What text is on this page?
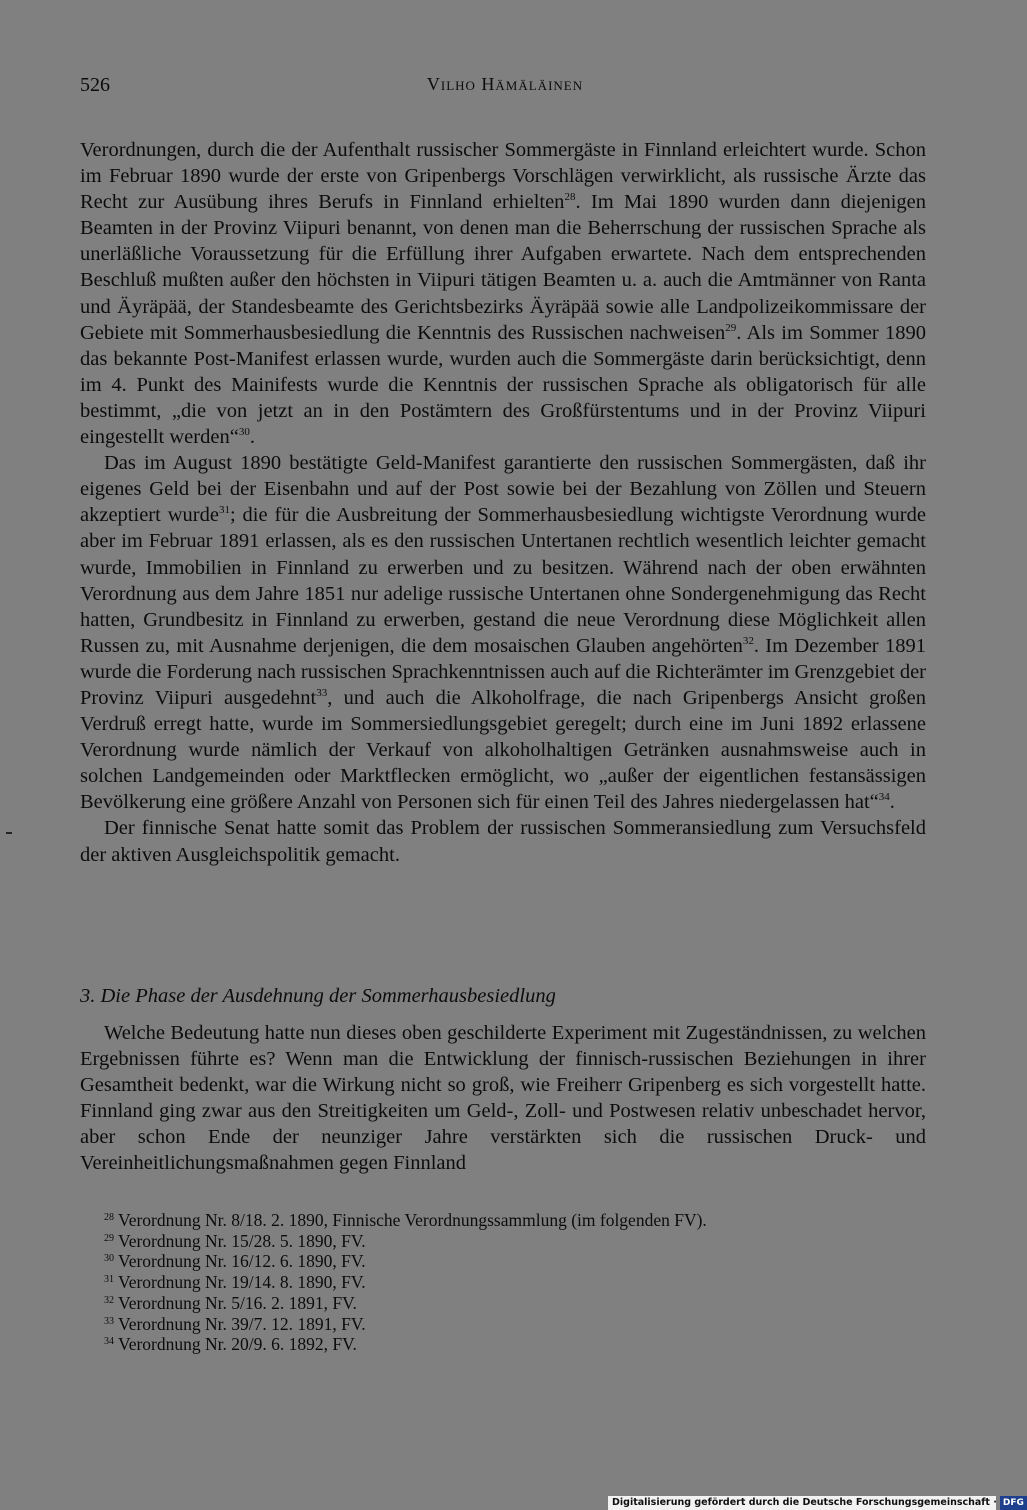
526	Vilho Hämäläinen

Verordnungen, durch die der Aufenthalt russischer Sommergäste in Finnland erleichtert wurde. Schon im Februar 1890 wurde der erste von Gripenbergs Vorschlägen verwirklicht, als russische Ärzte das Recht zur Ausübung ihres Berufs in Finnland erhielten$^{28}$. Im Mai 1890 wurden dann diejenigen Beamten in der Provinz Viipuri benannt, von denen man die Beherrschung der russischen Sprache als unerläßliche Voraussetzung für die Erfüllung ihrer Aufgaben erwartete. Nach dem entsprechenden Beschluß mußten außer den höchsten in Viipuri tätigen Beamten u. a. auch die Amtmänner von Ranta und Äyräpää, der Standesbeamte des Gerichtsbezirks Äyräpää sowie alle Landpolizeikommissare der Gebiete mit Sommerhausbesiedlung die Kenntnis des Russischen nachweisen$^{29}$. Als im Sommer 1890 das bekannte Post-Manifest erlassen wurde, wurden auch die Sommergäste darin berücksichtigt, denn im 4. Punkt des Mainifests wurde die Kenntnis der russischen Sprache als obligatorisch für alle bestimmt, „die von jetzt an in den Postämtern des Großfürstentums und in der Provinz Viipuri eingestellt werden“$^{30}$.

Das im August 1890 bestätigte Geld-Manifest garantierte den russischen Sommergästen, daß ihr eigenes Geld bei der Eisenbahn und auf der Post sowie bei der Bezahlung von Zöllen und Steuern akzeptiert wurde$^{31}$; die für die Ausbreitung der Sommerhausbesiedlung wichtigste Verordnung wurde aber im Februar 1891 erlassen, als es den russischen Untertanen rechtlich wesentlich leichter gemacht wurde, Immobilien in Finnland zu erwerben und zu besitzen. Während nach der oben erwähnten Verordnung aus dem Jahre 1851 nur adelige russische Untertanen ohne Sondergenehmigung das Recht hatten, Grundbesitz in Finnland zu erwerben, gestand die neue Verordnung diese Möglichkeit allen Russen zu, mit Ausnahme derjenigen, die dem mosaischen Glauben angehörten$^{32}$. Im Dezember 1891 wurde die Forderung nach russischen Sprachkenntnissen auch auf die Richterämter im Grenzgebiet der Provinz Viipuri ausgedehnt$^{33}$, und auch die Alkoholfrage, die nach Gripenbergs Ansicht großen Verdruß erregt hatte, wurde im Sommersiedlungsgebiet geregelt; durch eine im Juni 1892 erlassene Verordnung wurde nämlich der Verkauf von alkoholhaltigen Getränken ausnahmsweise auch in solchen Landgemeinden oder Marktflecken ermöglicht, wo „außer der eigentlichen festansässigen Bevölkerung eine größere Anzahl von Personen sich für einen Teil des Jahres niedergelassen hat“$^{34}$.

Der finnische Senat hatte somit das Problem der russischen Sommeransiedlung zum Versuchsfeld der aktiven Ausgleichspolitik gemacht.

3. Die Phase der Ausdehnung der Sommerhausbesiedlung

Welche Bedeutung hatte nun dieses oben geschilderte Experiment mit Zugeständnissen, zu welchen Ergebnissen führte es? Wenn man die Entwicklung der finnisch-russischen Beziehungen in ihrer Gesamtheit bedenkt, war die Wirkung nicht so groß, wie Freiherr Gripenberg es sich vorgestellt hatte. Finnland ging zwar aus den Streitigkeiten um Geld-, Zoll- und Postwesen relativ unbeschadet hervor, aber schon Ende der neunziger Jahre verstärkten sich die russischen Druck- und Vereinheitlichungsmaßnahmen gegen Finnland

$^{28}$ Verordnung Nr. 8/18. 2. 1890, Finnische Verordnungssammlung (im folgenden FV).
$^{29}$ Verordnung Nr. 15/28. 5. 1890, FV.
$^{30}$ Verordnung Nr. 16/12. 6. 1890, FV.
$^{31}$ Verordnung Nr. 19/14. 8. 1890, FV.
$^{32}$ Verordnung Nr. 5/16. 2. 1891, FV.
$^{33}$ Verordnung Nr. 39/7. 12. 1891, FV.
$^{34}$ Verordnung Nr. 20/9. 6. 1892, FV.
Digitalisierung gefördert durch die Deutsche Forschungsgemeinschaft · DFG
